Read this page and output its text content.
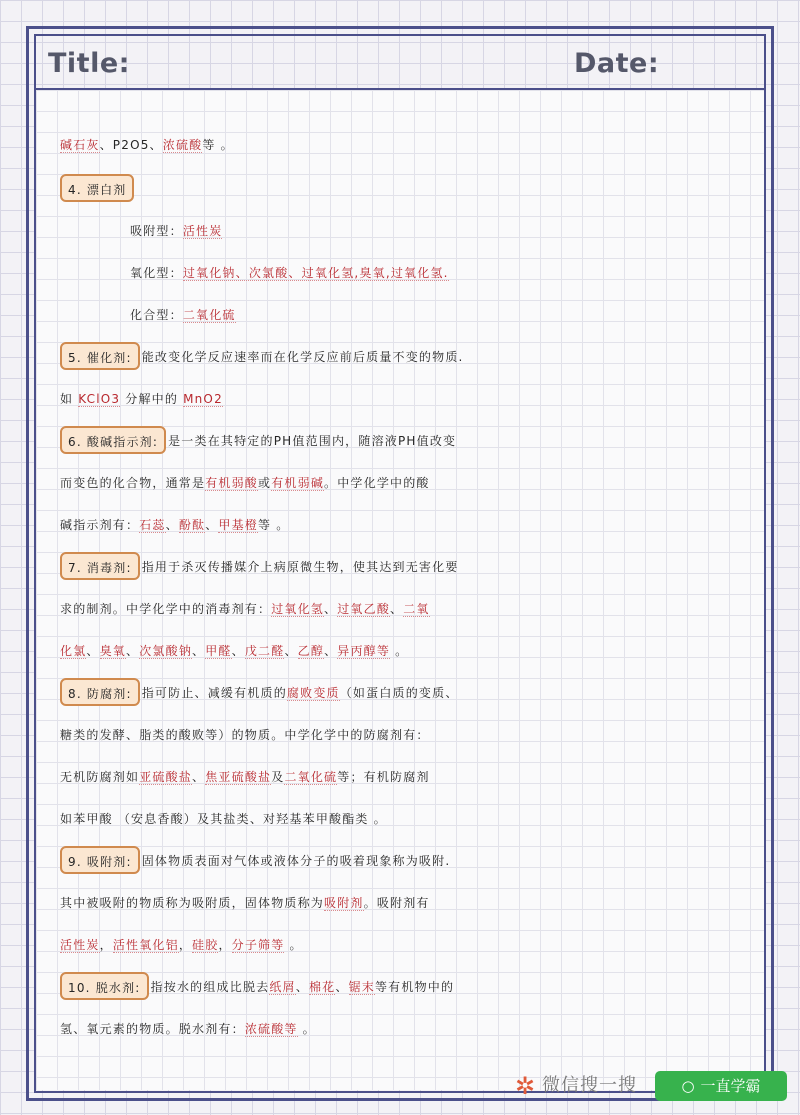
Title:	Date:
碱石灰、P2O5、浓硫酸等 。
4. 漂白剂
吸附型：活性炭
氧化型：过氧化钠、次氯酸、过氧化氢,臭氧,过氧化氢.
化合型：二氧化硫
5. 催化剂: 能改变化学反应速率而在化学反应前后质量不变的物质.
如 KClO3 分解中的 MnO2
6. 酸碱指示剂: 是一类在其特定的PH值范围内，随溶液PH值改变
而变色的化合物，通常是有机弱酸或有机弱碱。中学化学中的酸
碱指示剂有：石蕊、酚酞、甲基橙等 。
7. 消毒剂: 指用于杀灭传播媒介上病原微生物，使其达到无害化要
求的制剂。中学化学中的消毒剂有：过氧化氢、过氧乙酸、二氧
化氯、臭氧、次氯酸钠、甲醛、戊二醛、乙醇、异丙醇等 。
8. 防腐剂: 指可防止、减缓有机质的腐败变质（如蛋白质的变质、
糖类的发酵、脂类的酸败等）的物质。中学化学中的防腐剂有：
无机防腐剂如亚硫酸盐、焦亚硫酸盐及二氧化硫等；有机防腐剂
如苯甲酸 （安息香酸）及其盐类、对羟基苯甲酸酯类 。
9. 吸附剂: 固体物质表面对气体或液体分子的吸着现象称为吸附.
其中被吸附的物质称为吸附质，固体物质称为吸附剂。吸附剂有
活性炭，活性氧化铝，硅胶，分子筛等 。
10. 脱水剂: 指按水的组成比脱去纸屑、棉花、锯末等有机物中的
氢、氧元素的物质。脱水剂有：浓硫酸等 。
✲ 微信搜一搜	○ 一直学霸
